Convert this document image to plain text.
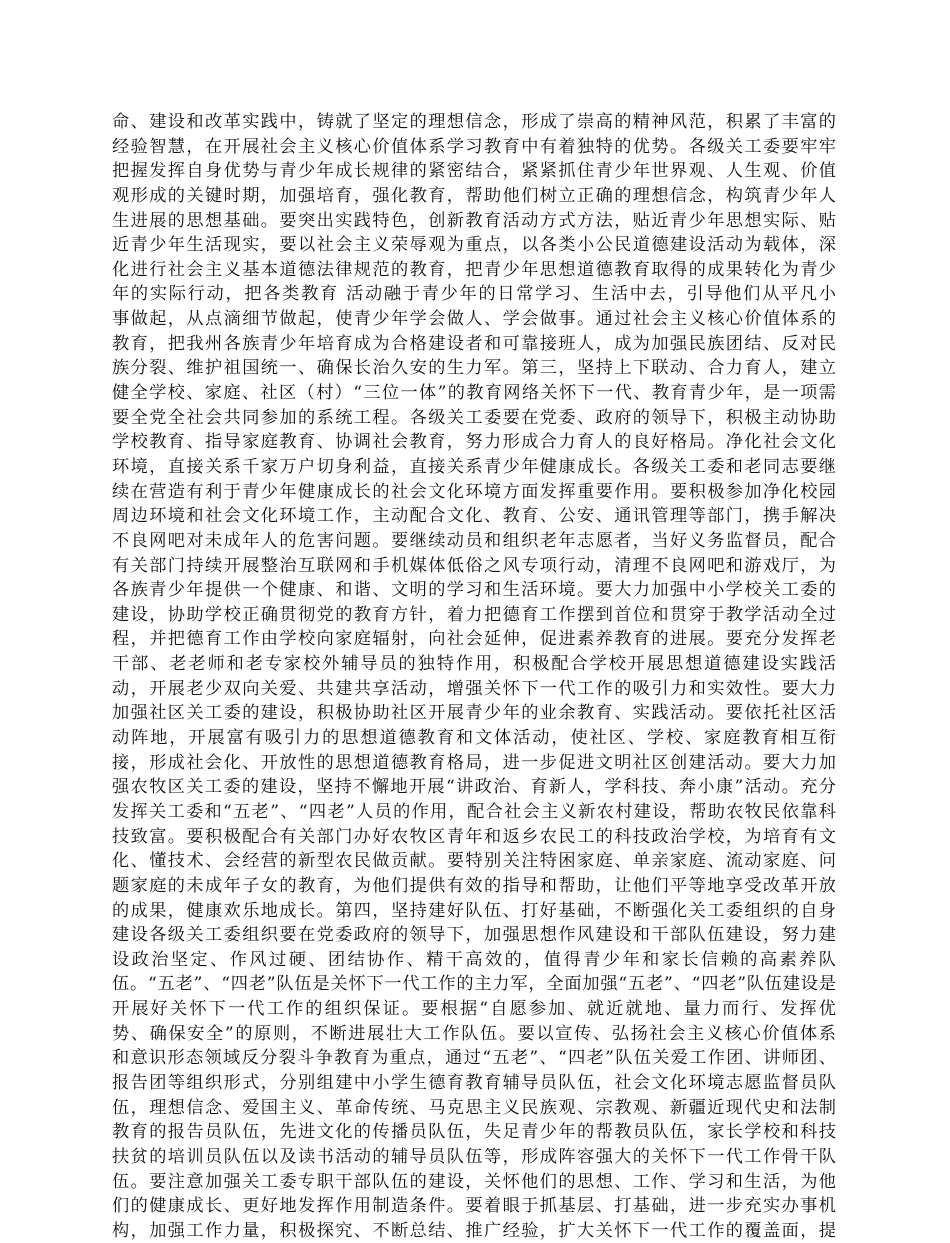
命、建设和改革实践中，铸就了坚定的理想信念，形成了崇高的精神风范，积累了丰富的
经验智慧，在开展社会主义核心价值体系学习教育中有着独特的优势。各级关工委要牢牢
把握发挥自身优势与青少年成长规律的紧密结合，紧紧抓住青少年世界观、人生观、价值
观形成的关键时期，加强培育，强化教育，帮助他们树立正确的理想信念，构筑青少年人
生进展的思想基础。要突出实践特色，创新教育活动方式方法，贴近青少年思想实际、贴
近青少年生活现实，要以社会主义荣辱观为重点，以各类小公民道德建设活动为载体，深
化进行社会主义基本道德法律规范的教育，把青少年思想道德教育取得的成果转化为青少
年的实际行动，把各类教育 活动融于青少年的日常学习、生活中去，引导他们从平凡小
事做起，从点滴细节做起，使青少年学会做人、学会做事。通过社会主义核心价值体系的
教育，把我州各族青少年培育成为合格建设者和可靠接班人，成为加强民族团结、反对民
族分裂、维护祖国统一、确保长治久安的生力军。第三，坚持上下联动、合力育人，建立
健全学校、家庭、社区（村）“三位一体”的教育网络关怀下一代、教育青少年，是一项需
要全党全社会共同参加的系统工程。各级关工委要在党委、政府的领导下，积极主动协助
学校教育、指导家庭教育、协调社会教育，努力形成合力育人的良好格局。净化社会文化
环境，直接关系千家万户切身利益，直接关系青少年健康成长。各级关工委和老同志要继
续在营造有利于青少年健康成长的社会文化环境方面发挥重要作用。要积极参加净化校园
周边环境和社会文化环境工作，主动配合文化、教育、公安、通讯管理等部门，携手解决
不良网吧对未成年人的危害问题。要继续动员和组织老年志愿者，当好义务监督员，配合
有关部门持续开展整治互联网和手机媒体低俗之风专项行动，清理不良网吧和游戏厅，为
各族青少年提供一个健康、和谐、文明的学习和生活环境。要大力加强中小学校关工委的
建设，协助学校正确贯彻党的教育方针，着力把德育工作摆到首位和贯穿于教学活动全过
程，并把德育工作由学校向家庭辐射，向社会延伸，促进素养教育的进展。要充分发挥老
干部、老老师和老专家校外辅导员的独特作用，积极配合学校开展思想道德建设实践活
动，开展老少双向关爱、共建共享活动，增强关怀下一代工作的吸引力和实效性。要大力
加强社区关工委的建设，积极协助社区开展青少年的业余教育、实践活动。要依托社区活
动阵地，开展富有吸引力的思想道德教育和文体活动，使社区、学校、家庭教育相互衔
接，形成社会化、开放性的思想道德教育格局，进一步促进文明社区创建活动。要大力加
强农牧区关工委的建设，坚持不懈地开展“讲政治、育新人，学科技、奔小康”活动。充分
发挥关工委和“五老”、“四老”人员的作用，配合社会主义新农村建设，帮助农牧民依靠科
技致富。要积极配合有关部门办好农牧区青年和返乡农民工的科技政治学校，为培育有文
化、懂技术、会经营的新型农民做贡献。要特别关注特困家庭、单亲家庭、流动家庭、问
题家庭的未成年子女的教育，为他们提供有效的指导和帮助，让他们平等地享受改革开放
的成果，健康欢乐地成长。第四，坚持建好队伍、打好基础，不断强化关工委组织的自身
建设各级关工委组织要在党委政府的领导下，加强思想作风建设和干部队伍建设，努力建
设政治坚定、作风过硬、团结协作、精干高效的，值得青少年和家长信赖的高素养队
伍。“五老”、“四老”队伍是关怀下一代工作的主力军，全面加强“五老”、“四老”队伍建设是
开展好关怀下一代工作的组织保证。要根据“自愿参加、就近就地、量力而行、发挥优
势、确保安全”的原则，不断进展壮大工作队伍。要以宣传、弘扬社会主义核心价值体系
和意识形态领域反分裂斗争教育为重点，通过“五老”、“四老”队伍关爱工作团、讲师团、
报告团等组织形式，分别组建中小学生德育教育辅导员队伍，社会文化环境志愿监督员队
伍，理想信念、爱国主义、革命传统、马克思主义民族观、宗教观、新疆近现代史和法制
教育的报告员队伍，先进文化的传播员队伍，失足青少年的帮教员队伍，家长学校和科技
扶贫的培训员队伍以及读书活动的辅导员队伍等，形成阵容强大的关怀下一代工作骨干队
伍。要注意加强关工委专职干部队伍的建设，关怀他们的思想、工作、学习和生活，为他
们的健康成长、更好地发挥作用制造条件。要着眼于抓基层、打基础，进一步充实办事机
构，加强工作力量，积极探究、不断总结、推广经验，扩大关怀下一代工作的覆盖面，提
